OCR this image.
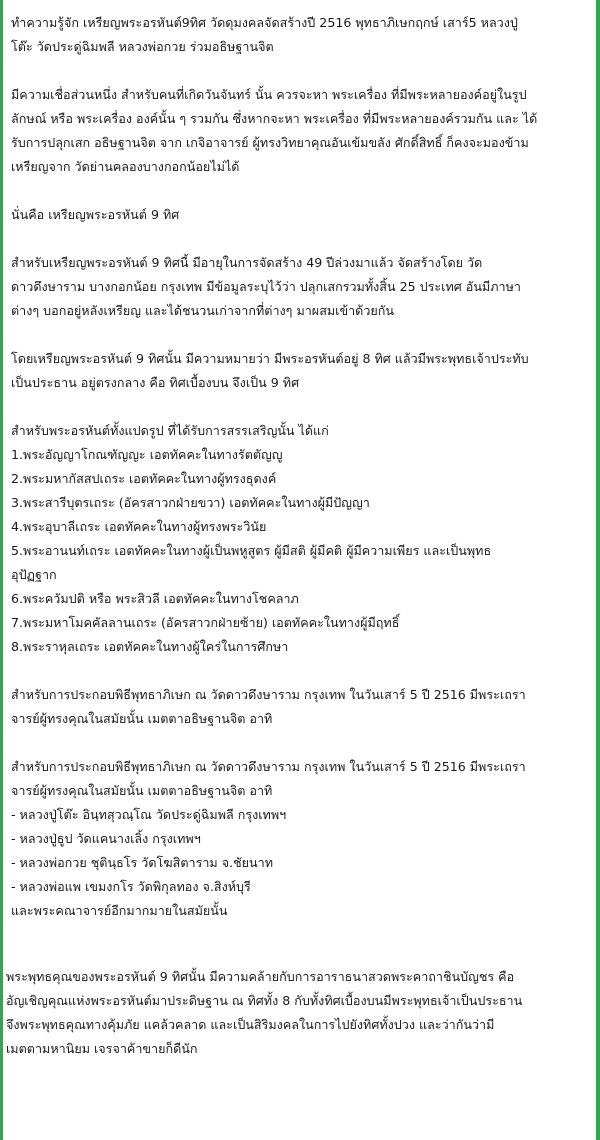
ทำความรู้จัก เหรียญพระอรหันต์9ทิศ วัดดุมงคลจัดสร้างปี 2516 พุทธาภิเษกฤกษ์ เสาร์5 หลวงปู่
โต๊ะ วัดประดู่ฉิมพลี หลวงพ่อกวย ร่วมอธิษฐานจิต
มีความเชื่อส่วนหนึ่ง สำหรับคนที่เกิดวันจันทร์ นั้น ควรจะหา พระเครื่อง ที่มีพระหลายองค์อยู่ในรูป
ลักษณ์ หรือ พระเครื่อง องค์นั้น ๆ รวมกัน ซึ่งหากจะหา พระเครื่อง ที่มีพระหลายองค์รวมกัน และ ได้
รับการปลุกเสก อธิษฐานจิต จาก เกจิอาจารย์ ผู้ทรงวิทยาคุณอันเข้มขลัง ศักดิ์สิทธิ์ ก็คงจะมองข้าม
เหรียญจาก วัดย่านคลองบางกอกน้อยไม่ได้
นั่นคือ เหรียญพระอรหันต์ 9 ทิศ
สำหรับเหรียญพระอรหันต์ 9 ทิศนี้ มีอายุในการจัดสร้าง 49 ปีล่วงมาแล้ว จัดสร้างโดย วัด
ดาวดึงษาราม บางกอกน้อย กรุงเทพ มีข้อมูลระบุไว้ว่า ปลุกเสกรวมทั้งสิ้น 25 ประเทศ อันมีภาษา
ต่างๆ บอกอยู่หลังเหรียญ และได้ชนวนเก่าจากที่ต่างๆ มาผสมเข้าด้วยกัน
โดยเหรียญพระอรหันต์ 9 ทิศนั้น มีความหมายว่า มีพระอรหันต์อยู่ 8 ทิศ แล้วมีพระพุทธเจ้าประทับ
เป็นประธาน อยู่ตรงกลาง คือ ทิศเบื้องบน จึงเป็น 9 ทิศ
สำหรับพระอรหันต์ทั้งแปดรูป ที่ได้รับการสรรเสริญนั้น ได้แก่
1.พระอัญญาโกณฑัญญะ เอตทัคคะในทางรัตตัญญู
2.พระมหากัสสปเถระ เอตทัคคะในทางผู้ทรงธุดงค์
3.พระสารีบุตรเถระ (อัครสาวกฝ่ายขวา) เอตทัคคะในทางผู้มีปัญญา
4.พระอุบาลีเถระ เอตทัคคะในทางผู้ทรงพระวินัย
5.พระอานนท์เถระ เอตทัคคะในทางผู้เป็นพหูสูตร ผู้มีสติ ผู้มีคติ ผู้มีความเพียร และเป็นพุทธ
อุปัฏฐาก
6.พระควัมปติ หรือ พระสิวลี เอตทัคคะในทางโชคลาภ
7.พระมหาโมคคัลลานเถระ (อัครสาวกฝ่ายซ้าย) เอตทัคคะในทางผู้มีฤทธิ์
8.พระราหุลเถระ เอตทัคคะในทางผู้ใคร่ในการศึกษา
สำหรับการประกอบพิธีพุทธาภิเษก ณ วัดดาวดึงษาราม กรุงเทพ ในวันเสาร์ 5 ปี 2516 มีพระเถรา
จารย์ผู้ทรงคุณในสมัยนั้น เมตตาอธิษฐานจิต อาทิ
สำหรับการประกอบพิธีพุทธาภิเษก ณ วัดดาวดึงษาราม กรุงเทพ ในวันเสาร์ 5 ปี 2516 มีพระเถรา
จารย์ผู้ทรงคุณในสมัยนั้น เมตตาอธิษฐานจิต อาทิ
- หลวงปู่โต๊ะ อินฺทสุวณฺโณ วัดประดู่ฉิมพลี กรุงเทพฯ
- หลวงปู่ธูป วัดแคนางเลิ้ง กรุงเทพฯ
- หลวงพ่อกวย ชุตินฺธโร วัดโฆสิตาราม จ.ชัยนาท
- หลวงพ่อแพ เขมงกโร วัดพิกุลทอง จ.สิงห์บุรี
และพระคณาจารย์อีกมากมายในสมัยนั้น
พระพุทธคุณของพระอรหันต์ 9 ทิศนั้น มีความคล้ายกับการอาราธนาสวดพระคาถาชินบัญชร คือ
อัญเชิญคุณแห่งพระอรหันต์มาประดิษฐาน ณ ทิศทั้ง 8 กับทั้งทิศเบื้องบนมีพระพุทธเจ้าเป็นประธาน
จึงพระพุทธคุณทางคุ้มภัย แคล้วคลาด และเป็นสิริมงคลในการไปยังทิศทั้งปวง และว่ากันว่ามี
เมตตามหานิยม เจรจาค้าขายก็ดีนัก
